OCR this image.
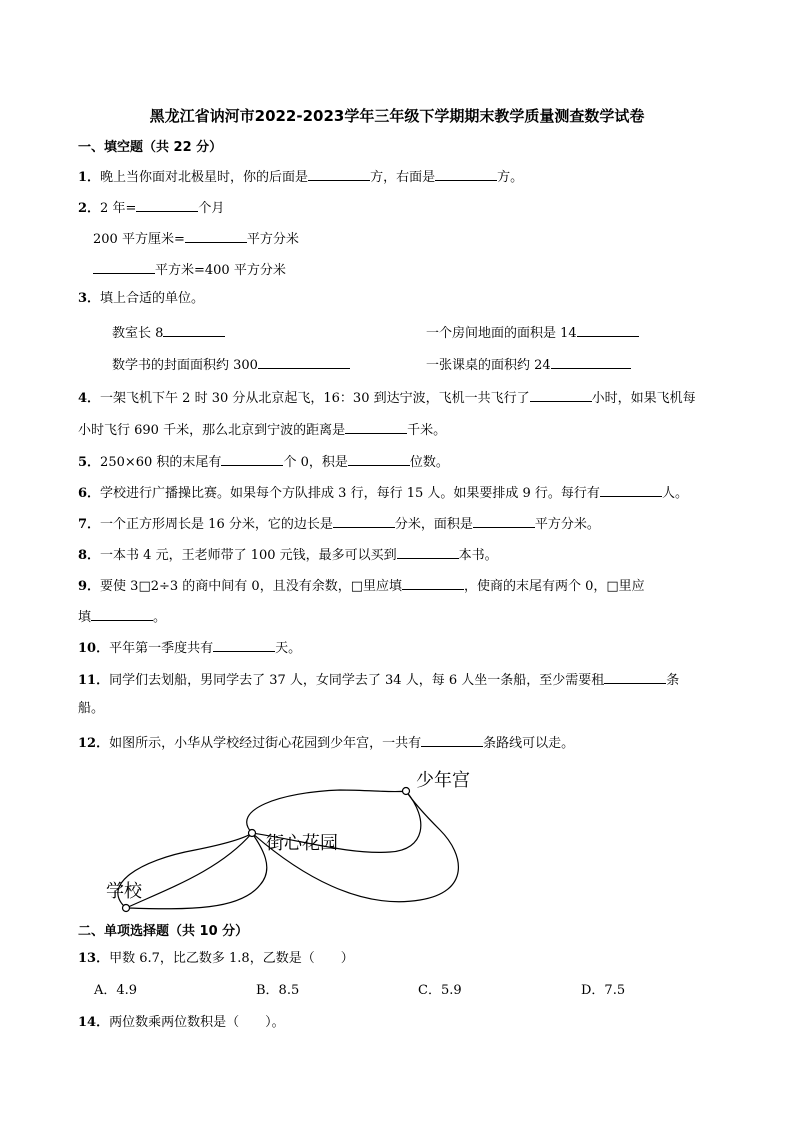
黑龙江省讷河市2022-2023学年三年级下学期期末教学质量测查数学试卷
一、填空题（共 22 分）
1．晚上当你面对北极星时，你的后面是	方，右面是	方。
2．2 年=	个月
200 平方厘米=	平方分米
平方米=400 平方分米
3．填上合适的单位。
教室长 8	一个房间地面的面积是 14
数学书的封面面积约 300	一张课桌的面积约 24
4．一架飞机下午 2 时 30 分从北京起飞，16：30 到达宁波，飞机一共飞行了	小时，如果飞机每
小时飞行 690 千米，那么北京到宁波的距离是	千米。
5．250×60 积的末尾有	个 0，积是	位数。
6．学校进行广播操比赛。如果每个方队排成 3 行，每行 15 人。如果要排成 9 行。每行有	人。
7．一个正方形周长是 16 分米，它的边长是	分米，面积是	平方分米。
8．一本书 4 元，王老师带了 100 元钱，最多可以买到	本书。
9．要使 3□2÷3 的商中间有 0，且没有余数，□里应填	，使商的末尾有两个 0，□里应
填	。
10．平年第一季度共有	天。
11．同学们去划船，男同学去了 37 人，女同学去了 34 人，每 6 人坐一条船，至少需要租	条
船。
12．如图所示，小华从学校经过街心花园到少年宫，一共有	条路线可以走。
学校
街心花园
少年宫
二、单项选择题（共 10 分）
13．甲数 6.7，比乙数多 1.8，乙数是（　　）
A．4.9	B．8.5	C．5.9	D．7.5
14．两位数乘两位数积是（　　）。
